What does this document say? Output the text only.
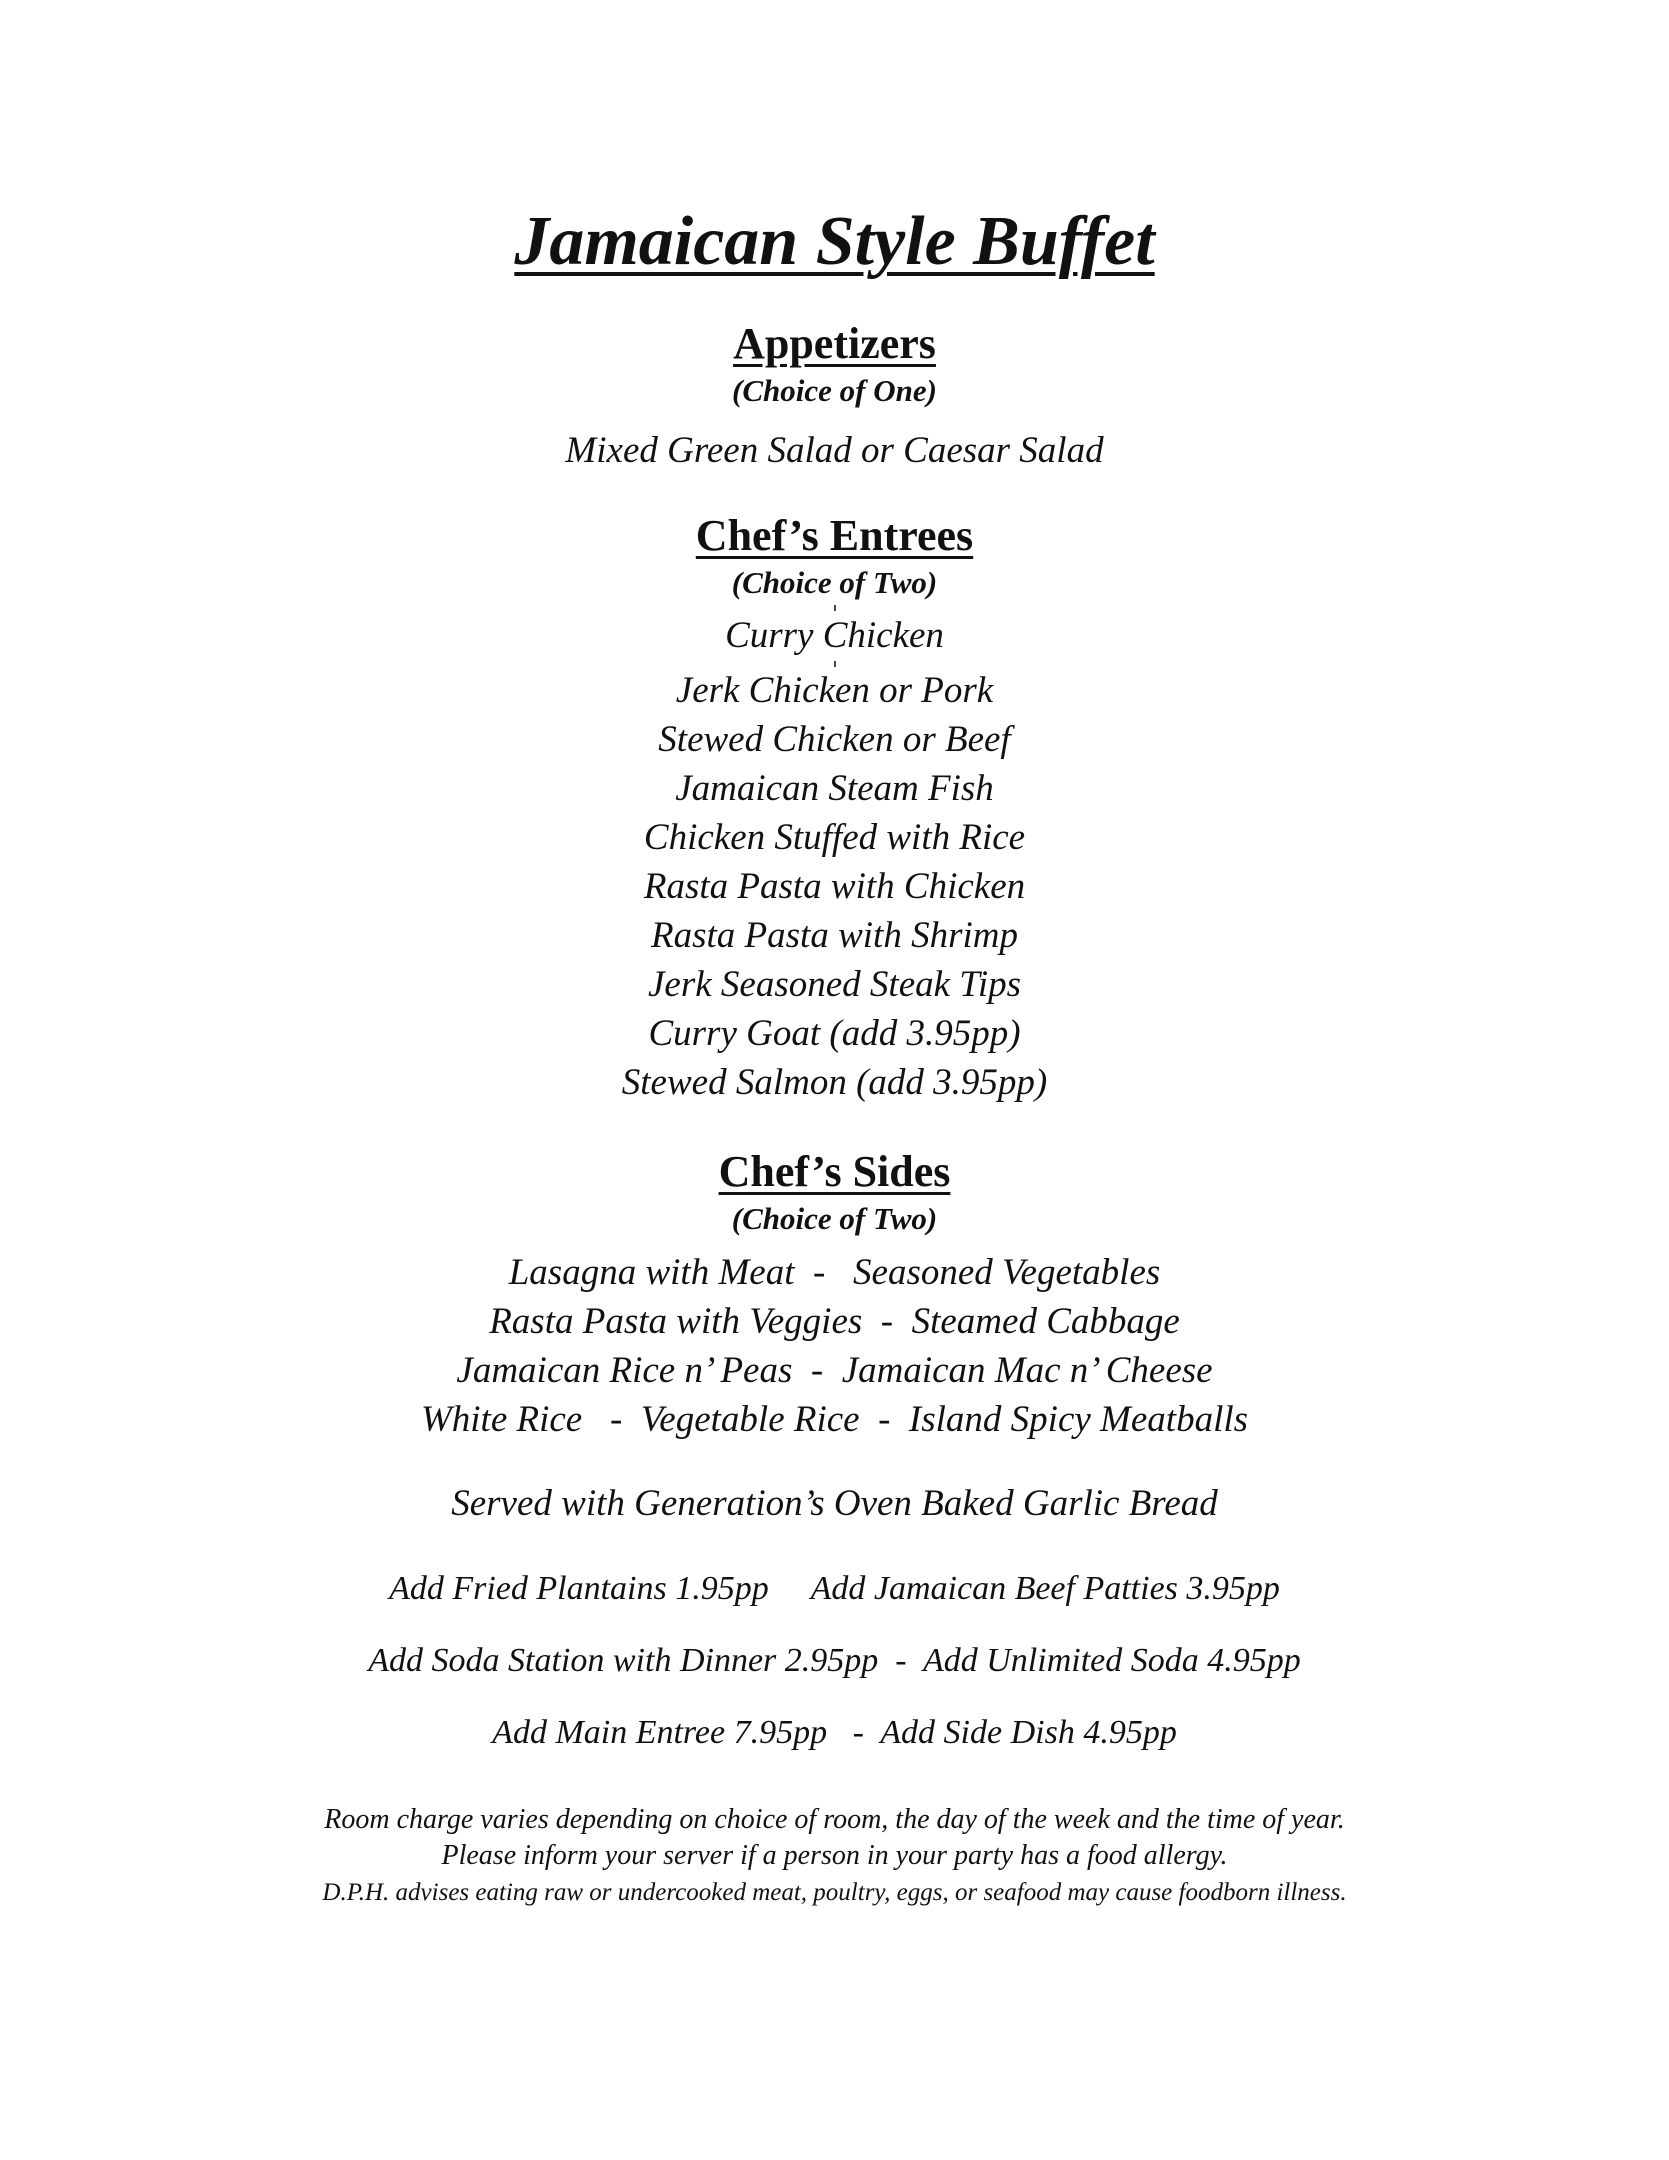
Jamaican Style Buffet
Appetizers
(Choice of One)
Mixed Green Salad or Caesar Salad
Chef’s Entrees
(Choice of Two)
Curry Chicken
Jerk Chicken or Pork
Stewed Chicken or Beef
Jamaican Steam Fish
Chicken Stuffed with Rice
Rasta Pasta with Chicken
Rasta Pasta with Shrimp
Jerk Seasoned Steak Tips
Curry Goat (add 3.95pp)
Stewed Salmon (add 3.95pp)
Chef’s Sides
(Choice of Two)
Lasagna with Meat  -   Seasoned Vegetables
Rasta Pasta with Veggies  -  Steamed Cabbage
Jamaican Rice n’ Peas  -  Jamaican Mac n’ Cheese
White Rice   -  Vegetable Rice  -  Island Spicy Meatballs
Served with Generation’s Oven Baked Garlic Bread
Add Fried Plantains 1.95pp     Add Jamaican Beef Patties 3.95pp
Add Soda Station with Dinner 2.95pp  -  Add Unlimited Soda 4.95pp
Add Main Entree 7.95pp   -  Add Side Dish 4.95pp
Room charge varies depending on choice of room, the day of the week and the time of year.
Please inform your server if a person in your party has a food allergy.
D.P.H. advises eating raw or undercooked meat, poultry, eggs, or seafood may cause foodborn illness.
